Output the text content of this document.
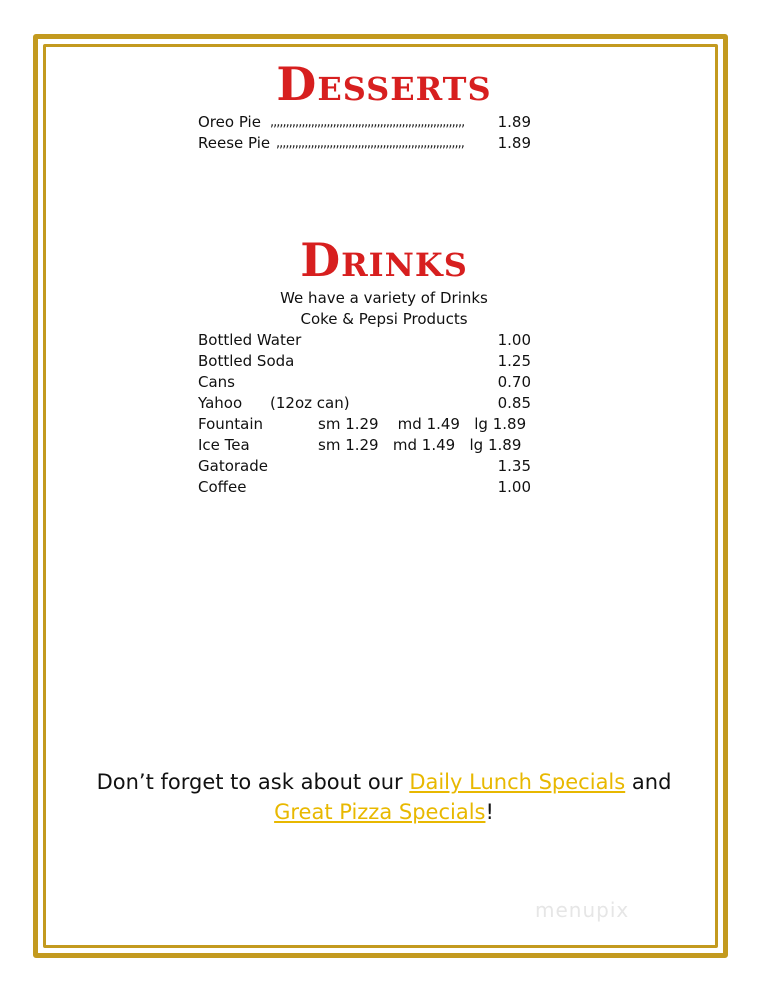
Desserts
Oreo Pie ,,,,,,,,,,,,,,,,,,,,,,,,,,,,,,,,,,,,,,,,,,,,,,,,,,,,,,,,,,,,,,	1.89
Reese Pie ,,,,,,,,,,,,,,,,,,,,,,,,,,,,,,,,,,,,,,,,,,,,,,,,,,,,,,,,,,,,	1.89
Drinks
We have a variety of Drinks
Coke & Pepsi Products
Bottled Water	1.00
Bottled Soda	1.25
Cans	0.70
Yahoo (12oz can)	0.85
Fountain	sm 1.29    md 1.49   lg 1.89
Ice Tea	sm 1.29   md 1.49   lg 1.89
Gatorade	1.35
Coffee	1.00
Don’t forget to ask about our Daily Lunch Specials and
Great Pizza Specials!
menupix
